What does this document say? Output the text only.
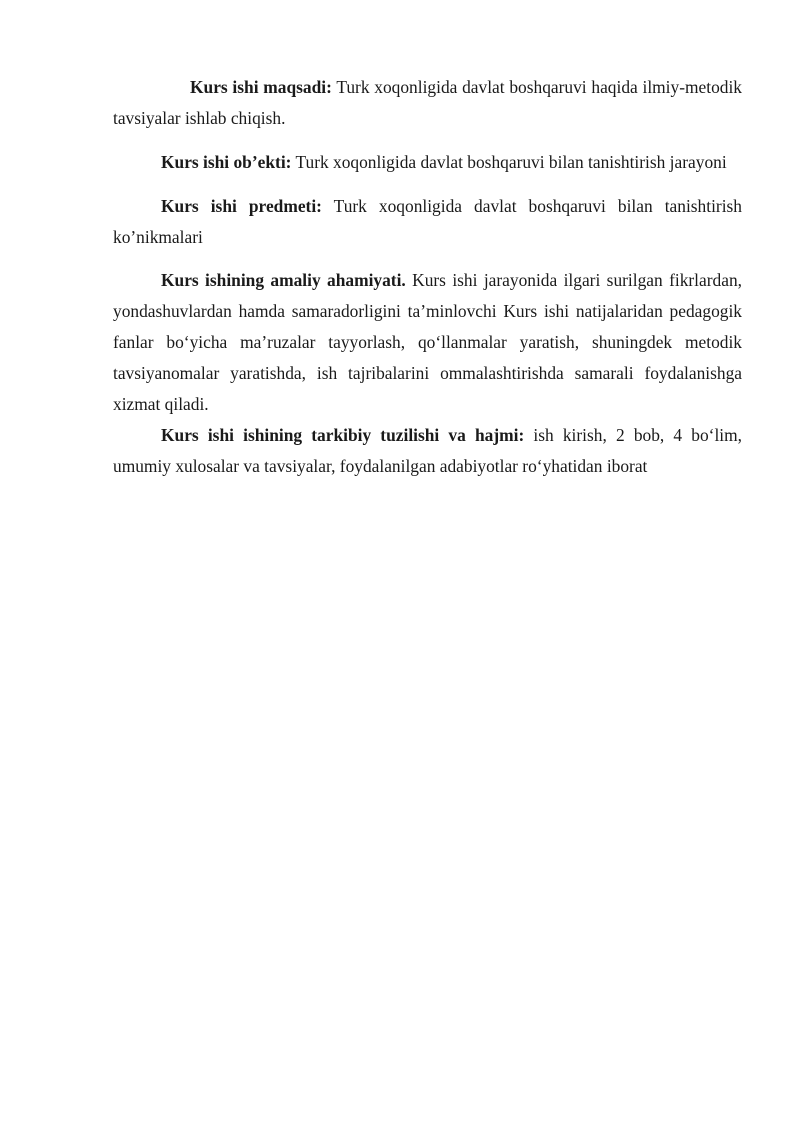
Kurs ishi maqsadi: Turk xoqonligida davlat boshqaruvi haqida ilmiy-metodik tavsiyalar ishlab chiqish.

Kurs ishi ob’ekti: Turk xoqonligida davlat boshqaruvi bilan tanishtirish jarayoni

Kurs ishi predmeti: Turk xoqonligida davlat boshqaruvi bilan tanishtirish ko’nikmalari

Kurs ishining amaliy ahamiyati. Kurs ishi jarayonida ilgari surilgan fikrlardan, yondashuvlardan hamda samaradorligini ta’minlovchi Kurs ishi natijalaridan pedagogik fanlar bo‘yicha ma’ruzalar tayyorlash, qo‘llanmalar yaratish, shuningdek metodik tavsiyanomalar yaratishda, ish tajribalarini ommalashtirishda samarali foydalanishga xizmat qiladi.

Kurs ishi ishining tarkibiy tuzilishi va hajmi: ish kirish, 2 bob, 4 bo‘lim, umumiy xulosalar va tavsiyalar, foydalanilgan adabiyotlar ro‘yhatidan iborat
